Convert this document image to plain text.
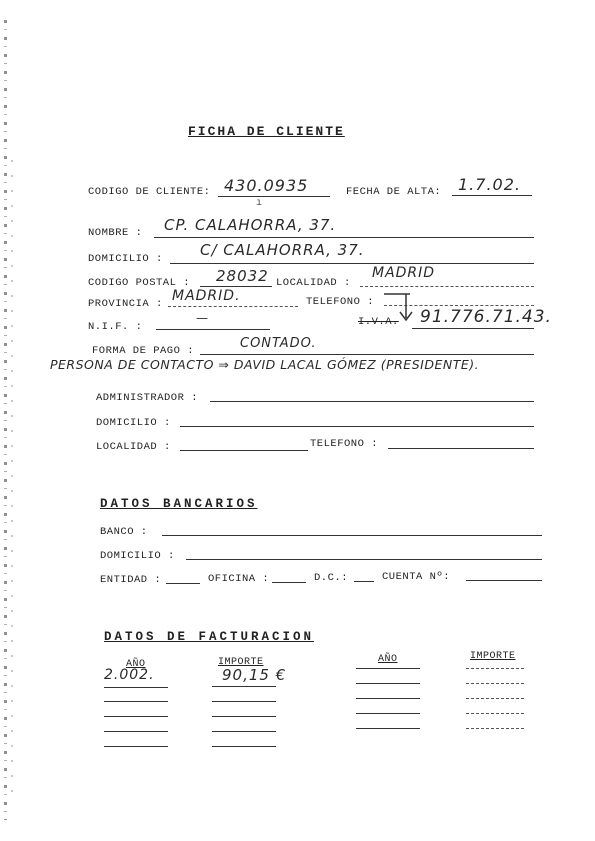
FICHA DE CLIENTE
CODIGO DE CLIENTE: 430.0935	FECHA DE ALTA: 1.7.02.
ı
NOMBRE : CP. CALAHORRA, 37.
DOMICILIO : C/ CALAHORRA, 37.
CODIGO POSTAL : 28032 LOCALIDAD :
MADRID
PROVINCIA : MADRID.	TELEFONO :
N.I.F. :
—	I.V.A. 91.776.71.43.
FORMA DE PAGO :	CONTADO.
PERSONA DE CONTACTO ⇒ DAVID LACAL GÓMEZ (PRESIDENTE).
ADMINISTRADOR :
DOMICILIO :
LOCALIDAD :	TELEFONO :
DATOS BANCARIOS
BANCO :
DOMICILIO :
ENTIDAD :	OFICINA :	D.C.:	CUENTA Nº:
DATOS DE FACTURACION
AÑO	IMPORTE	AÑO	IMPORTE
2.002.	90,15 €
